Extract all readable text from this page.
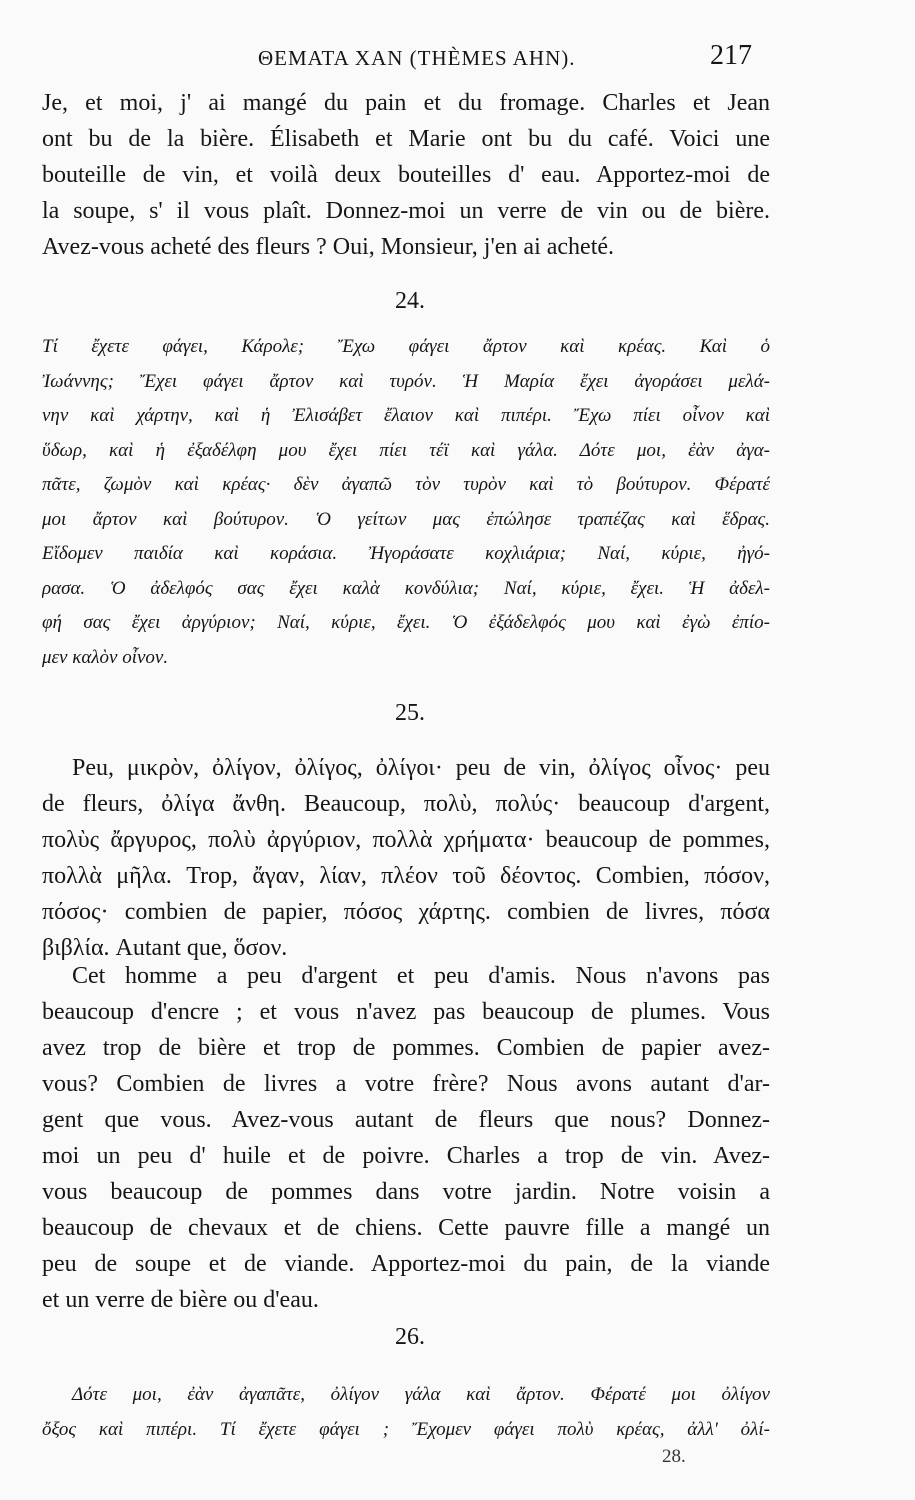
ΘΕΜΑΤΑ ΧΑΝ (THÈMES AHN).	217
Je, et moi, j' ai mangé du pain et du fromage. Charles et Jean
ont bu de la bière. Élisabeth et Marie ont bu du café. Voici une
bouteille de vin, et voilà deux bouteilles d' eau. Apportez-moi de
la soupe, s' il vous plaît. Donnez-moi un verre de vin ou de bière.
Avez-vous acheté des fleurs ? Oui, Monsieur, j'en ai acheté.
24.
Τί ἔχετε φάγει, Κάρολε; Ἔχω φάγει ἄρτον καὶ κρέας. Καὶ ὁ
Ἰωάννης; Ἔχει φάγει ἄρτον καὶ τυρόν. Ἡ Μαρία ἔχει ἀγοράσει μελά-
νην καὶ χάρτην, καὶ ἡ Ἐλισάβετ ἔλαιον καὶ πιπέρι. Ἔχω πίει οἶνον καὶ
ὕδωρ, καὶ ἡ ἐξαδέλφη μου ἔχει πίει τέϊ καὶ γάλα. Δότε μοι, ἐὰν ἀγα-
πᾶτε, ζωμὸν καὶ κρέας· δὲν ἀγαπῶ τὸν τυρὸν καὶ τὸ βούτυρον. Φέρατέ
μοι ἄρτον καὶ βούτυρον. Ὁ γείτων μας ἐπώλησε τραπέζας καὶ ἕδρας.
Εἴδομεν παιδία καὶ κοράσια. Ἠγοράσατε κοχλιάρια; Ναί, κύριε, ἠγό-
ρασα. Ὁ ἀδελφός σας ἔχει καλὰ κονδύλια; Ναί, κύριε, ἔχει. Ἡ ἀδελ-
φή σας ἔχει ἀργύριον; Ναί, κύριε, ἔχει. Ὁ ἐξάδελφός μου καὶ ἐγὼ ἐπίο-
μεν καλὸν οἶνον.
25.
Peu, μικρὸν, ὀλίγον, ὀλίγος, ὀλίγοι· peu de vin, ὀλίγος οἶνος· peu
de fleurs, ὀλίγα ἄνθη. Beaucoup, πολὺ, πολύς· beaucoup d'argent,
πολὺς ἄργυρος, πολὺ ἀργύριον, πολλὰ χρήματα· beaucoup de pommes,
πολλὰ μῆλα. Trop, ἄγαν, λίαν, πλέον τοῦ δέοντος. Combien, πόσον,
πόσος· combien de papier, πόσος χάρτης. combien de livres, πόσα
βιβλία. Autant que, ὅσον.
Cet homme a peu d'argent et peu d'amis. Nous n'avons pas
beaucoup d'encre ; et vous n'avez pas beaucoup de plumes. Vous
avez trop de bière et trop de pommes. Combien de papier avez-
vous? Combien de livres a votre frère? Nous avons autant d'ar-
gent que vous. Avez-vous autant de fleurs que nous? Donnez-
moi un peu d' huile et de poivre. Charles a trop de vin. Avez-
vous beaucoup de pommes dans votre jardin. Notre voisin a
beaucoup de chevaux et de chiens. Cette pauvre fille a mangé un
peu de soupe et de viande. Apportez-moi du pain, de la viande
et un verre de bière ou d'eau.
26.
Δότε μοι, ἐὰν ἀγαπᾶτε, ὀλίγον γάλα καὶ ἄρτον. Φέρατέ μοι ὀλίγον
ὄξος καὶ πιπέρι. Τί ἔχετε φάγει ; Ἔχομεν φάγει πολὺ κρέας, ἀλλ' ὀλί-
28.
